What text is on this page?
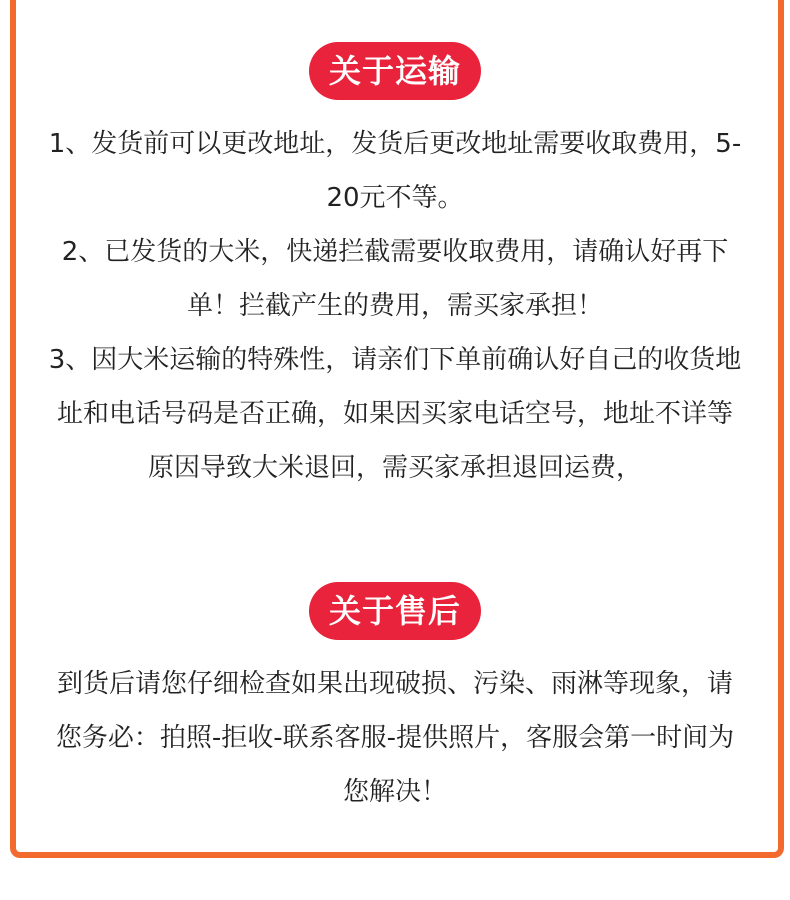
关于运输

1、发货前可以更改地址，发货后更改地址需要收取费用，5-20元不等。

2、已发货的大米，快递拦截需要收取费用，请确认好再下单！拦截产生的费用，需买家承担！

3、因大米运输的特殊性，请亲们下单前确认好自己的收货地址和电话号码是否正确，如果因买家电话空号，地址不详等原因导致大米退回，需买家承担退回运费，

关于售后

到货后请您仔细检查如果出现破损、污染、雨淋等现象，请您务必：拍照-拒收-联系客服-提供照片，客服会第一时间为您解决！
